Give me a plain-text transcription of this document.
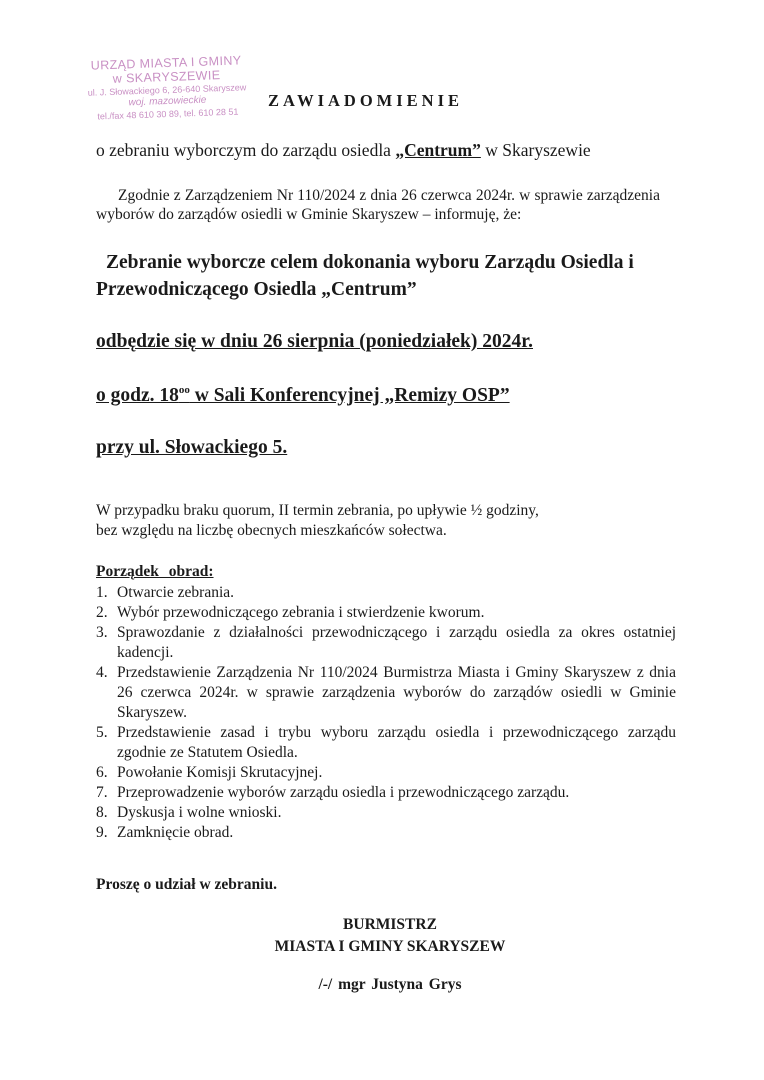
URZĄD MIASTA I GMINY
w SKARYSZEWIE
ul. J. Słowackiego 6, 26-640 Skaryszew
woj. mazowieckie
tel./fax 48 610 30 89, tel. 610 28 51
ZAWIADOMIENIE
o zebraniu wyborczym do zarządu osiedla „Centrum” w Skaryszewie
Zgodnie z Zarządzeniem Nr 110/2024 z dnia 26 czerwca 2024r. w sprawie zarządzenia wyborów do zarządów osiedli w Gminie Skaryszew – informuję, że:
Zebranie wyborcze celem dokonania wyboru Zarządu Osiedla i Przewodniczącego Osiedla „Centrum”
odbędzie się w dniu 26 sierpnia (poniedziałek) 2024r.
o godz. $18^{oo}$ w Sali Konferencyjnej „Remizy OSP”
przy ul. Słowackiego 5.
W przypadku braku quorum, II termin zebrania, po upływie ½ godziny,
bez względu na liczbę obecnych mieszkańców sołectwa.
Porządek obrad:
1. Otwarcie zebrania.
2. Wybór przewodniczącego zebrania i stwierdzenie kworum.
3. Sprawozdanie z działalności przewodniczącego i zarządu osiedla za okres ostatniej kadencji.
4. Przedstawienie Zarządzenia Nr 110/2024 Burmistrza Miasta i Gminy Skaryszew z dnia 26 czerwca 2024r. w sprawie zarządzenia wyborów do zarządów osiedli w Gminie Skaryszew.
5. Przedstawienie zasad i trybu wyboru zarządu osiedla i przewodniczącego zarządu zgodnie ze Statutem Osiedla.
6. Powołanie Komisji Skrutacyjnej.
7. Przeprowadzenie wyborów zarządu osiedla i przewodniczącego zarządu.
8. Dyskusja i wolne wnioski.
9. Zamknięcie obrad.
Proszę o udział w zebraniu.
BURMISTRZ
MIASTA I GMINY SKARYSZEW
/-/ mgr Justyna Grys
